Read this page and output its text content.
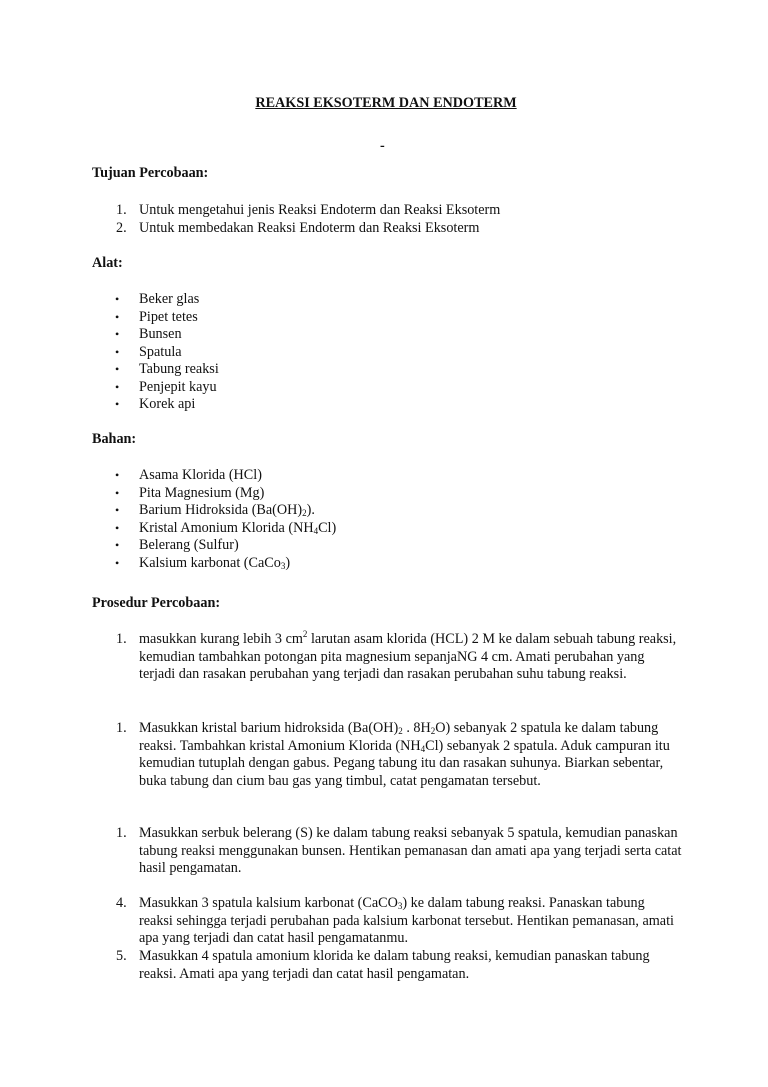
REAKSI EKSOTERM DAN ENDOTERM
-
Tujuan Percobaan:
1. Untuk mengetahui jenis Reaksi Endoterm dan Reaksi Eksoterm
2. Untuk membedakan Reaksi Endoterm dan Reaksi Eksoterm
Alat:
• Beker glas
• Pipet tetes
• Bunsen
• Spatula
• Tabung reaksi
• Penjepit kayu
• Korek api
Bahan:
• Asama Klorida (HCl)
• Pita Magnesium (Mg)
• Barium Hidroksida $(Ba(OH)_2)$.
• Kristal Amonium Klorida $(NH_4Cl)$
• Belerang (Sulfur)
• Kalsium karbonat (CaCo$_3$)
Prosedur Percobaan:
1. masukkan kurang lebih 3 $cm^2$ larutan asam klorida (HCL) 2 M ke dalam sebuah tabung reaksi, kemudian tambahkan potongan pita magnesium sepanjaNG 4 cm. Amati perubahan yang terjadi dan rasakan perubahan yang terjadi dan rasakan perubahan suhu tabung reaksi.
1. Masukkan kristal barium hidroksida ($Ba(OH)_2$ . $8H_2O$) sebanyak 2 spatula ke dalam tabung reaksi. Tambahkan kristal Amonium Klorida $(NH_4Cl)$ sebanyak 2 spatula. Aduk campuran itu kemudian tutuplah dengan gabus. Pegang tabung itu dan rasakan suhunya. Biarkan sebentar, buka tabung dan cium bau gas yang timbul, catat pengamatan tersebut.
1. Masukkan serbuk belerang (S) ke dalam tabung reaksi sebanyak 5 spatula, kemudian panaskan tabung reaksi menggunakan bunsen. Hentikan pemanasan dan amati apa yang terjadi serta catat hasil pengamatan.
4. Masukkan 3 spatula kalsium karbonat (CaCO$_3$) ke dalam tabung reaksi. Panaskan tabung reaksi sehingga terjadi perubahan pada kalsium karbonat tersebut. Hentikan pemanasan, amati apa yang terjadi dan catat hasil pengamatanmu.
5. Masukkan 4 spatula amonium klorida ke dalam tabung reaksi, kemudian panaskan tabung reaksi. Amati apa yang terjadi dan catat hasil pengamatan.
